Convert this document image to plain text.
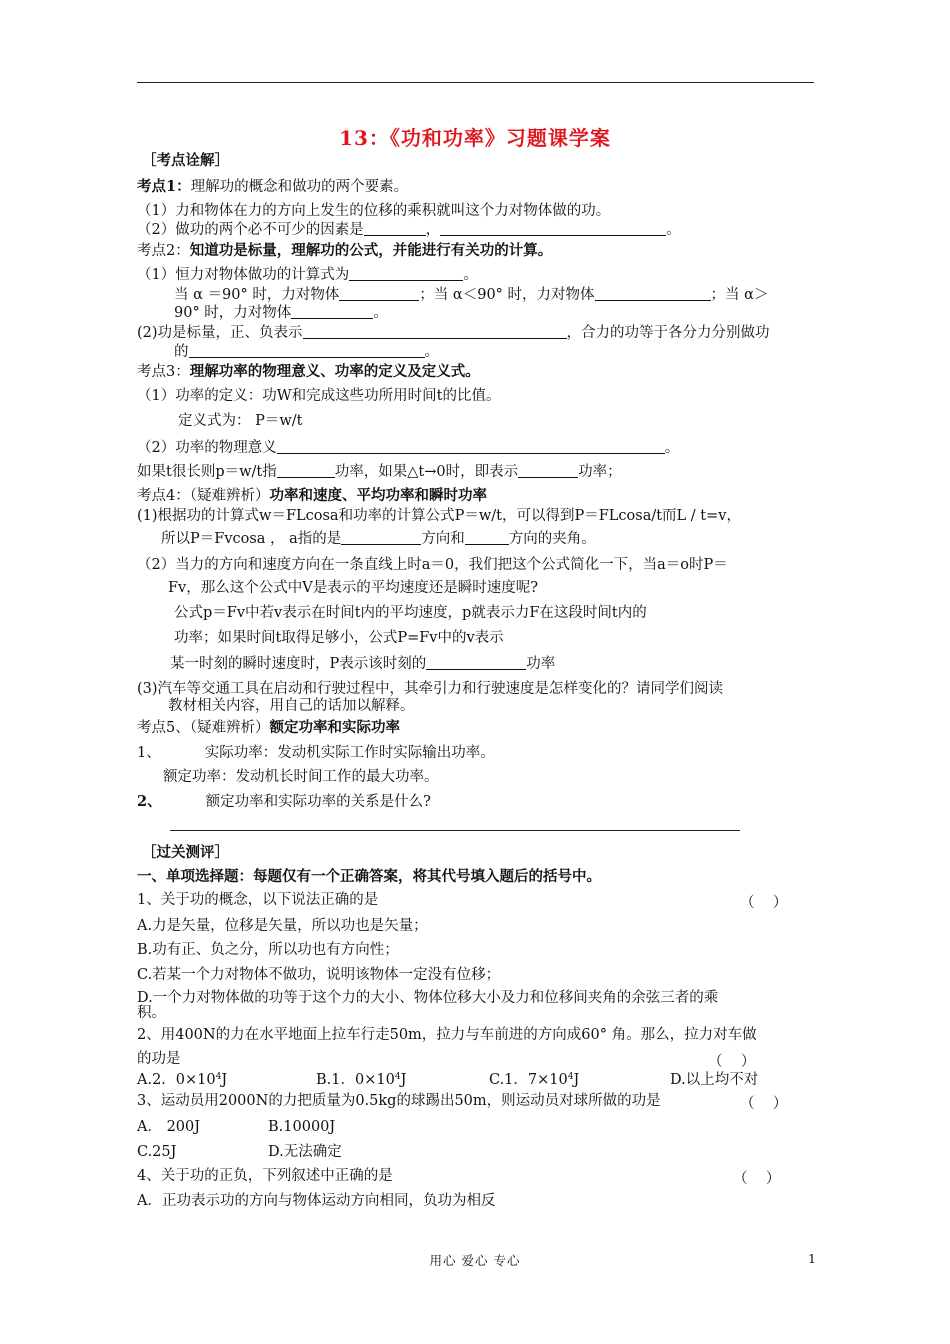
13：《功和功率》习题课学案
［考点诠解］
考点1：理解功的概念和做功的两个要素。
（1）力和物体在力的方向上发生的位移的乘积就叫这个力对物体做的功。
（2）做功的两个必不可少的因素是	，	。
考点2：知道功是标量，理解功的公式，并能进行有关功的计算。
（1）恒力对物体做功的计算式为	。
当 α ＝90° 时，力对物体	；当 α＜90° 时，力对物体	；当 α＞
90° 时，力对物体	。
(2)功是标量，正、负表示	，合力的功等于各分力分别做功
的	。
考点3：理解功率的物理意义、功率的定义及定义式。
（1）功率的定义：功W和完成这些功所用时间t的比值。
定义式为： P＝w/t
（2）功率的物理意义	。
如果t很长则p＝w/t指	功率，如果△t→0时，即表示	功率；
考点4：（疑难辨析）功率和速度、平均功率和瞬时功率
(1)根据功的计算式w＝FLcosa和功率的计算公式P＝w/t，可以得到P＝FLcosa/t而L / t=v，
所以P＝Fvcosa ， a指的是	方向和	方向的夹角。
（2）当力的方向和速度方向在一条直线上时a＝0，我们把这个公式简化一下，当a＝o时P＝
Fv，那么这个公式中V是表示的平均速度还是瞬时速度呢?
公式p＝Fv中若v表示在时间t内的平均速度，p就表示力F在这段时间t内的
功率；如果时间t取得足够小，公式P=Fv中的v表示
某一时刻的瞬时速度时，P表示该时刻的	功率
(3)汽车等交通工具在启动和行驶过程中，其牵引力和行驶速度是怎样变化的？请同学们阅读
教材相关内容，用自己的话加以解释。
考点5、（疑难辨析）额定功率和实际功率
1、	实际功率：发动机实际工作时实际输出功率。
额定功率：发动机长时间工作的最大功率。
2、	额定功率和实际功率的关系是什么?
［过关测评］
一、单项选择题：每题仅有一个正确答案，将其代号填入题后的括号中。
1、关于功的概念，以下说法正确的是	（    ）
A.力是矢量，位移是矢量，所以功也是矢量；
B.功有正、负之分，所以功也有方向性；
C.若某一个力对物体不做功，说明该物体一定没有位移；
D.一个力对物体做的功等于这个力的大小、物体位移大小及力和位移间夹角的余弦三者的乘
积。
2、用400N的力在水平地面上拉车行走50m，拉力与车前进的方向成60° 角。那么，拉力对车做
的功是	（    ）
A.2．$0\times 10^4J$	B.1．$0\times 10^4J$	C.1．$7\times 10^4J$	D.以上均不对
3、运动员用2000N的力把质量为0.5kg的球踢出50m，则运动员对球所做的功是	（    ）
A． 200J	B.10000J
C.25J	D.无法确定
4、关于功的正负，下列叙述中正确的是	（    ）
A．正功表示功的方向与物体运动方向相同，负功为相反
用心 爱心 专心	1
